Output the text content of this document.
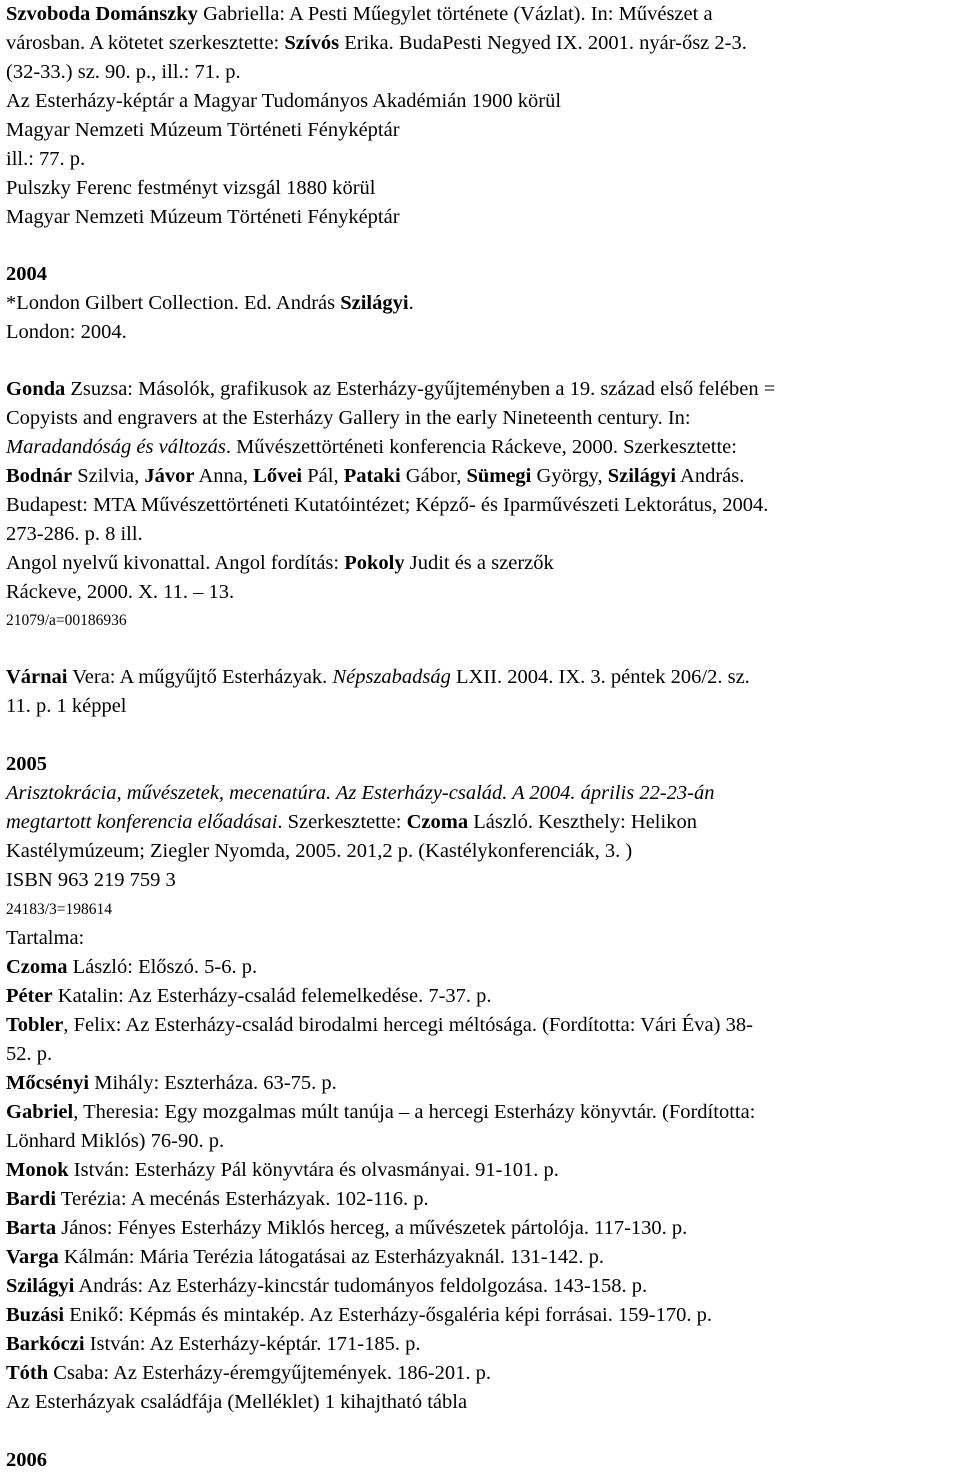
Szvoboda Dománszky Gabriella: A Pesti Műegylet története (Vázlat). In: Művészet a

városban. A kötetet szerkesztette: Szívós Erika. BudaPesti Negyed IX. 2001. nyár-ősz 2-3.

(32-33.) sz. 90. p., ill.: 71. p.

Az Esterházy-képtár a Magyar Tudományos Akadémián 1900 körül

Magyar Nemzeti Múzeum Történeti Fényképtár

ill.: 77. p.

Pulszky Ferenc festményt vizsgál 1880 körül

Magyar Nemzeti Múzeum Történeti Fényképtár

2004

*London Gilbert Collection. Ed. András Szilágyi.

London: 2004.

Gonda Zsuzsa: Másolók, grafikusok az Esterházy-gyűjteményben a 19. század első felében =

Copyists and engravers at the Esterházy Gallery in the early Nineteenth century. In:

Maradandóság és változás. Művészettörténeti konferencia Ráckeve, 2000. Szerkesztette:

Bodnár Szilvia, Jávor Anna, Lővei Pál, Pataki Gábor, Sümegi György, Szilágyi András.

Budapest: MTA Művészettörténeti Kutatóintézet; Képző- és Iparművészeti Lektorátus, 2004.

273-286. p. 8 ill.

Angol nyelvű kivonattal. Angol fordítás: Pokoly Judit és a szerzők

Ráckeve, 2000. X. 11. – 13.

21079/a=00186936

Várnai Vera: A műgyűjtő Esterházyak. Népszabadság LXII. 2004. IX. 3. péntek 206/2. sz.

11. p. 1 képpel

2005

Arisztokrácia, művészetek, mecenatúra. Az Esterházy-család. A 2004. április 22-23-án

megtartott konferencia előadásai. Szerkesztette: Czoma László. Keszthely: Helikon

Kastélymúzeum; Ziegler Nyomda, 2005. 201,2 p. (Kastélykonferenciák, 3. )

ISBN 963 219 759 3

24183/3=198614

Tartalma:

Czoma László: Előszó. 5-6. p.

Péter Katalin: Az Esterházy-család felemelkedése. 7-37. p.

Tobler, Felix: Az Esterházy-család birodalmi hercegi méltósága. (Fordította: Vári Éva) 38-

52. p.

Mőcsényi Mihály: Eszterháza. 63-75. p.

Gabriel, Theresia: Egy mozgalmas múlt tanúja – a hercegi Esterházy könyvtár. (Fordította:

Lönhard Miklós) 76-90. p.

Monok István: Esterházy Pál könyvtára és olvasmányai. 91-101. p.

Bardi Terézia: A mecénás Esterházyak. 102-116. p.

Barta János: Fényes Esterházy Miklós herceg, a művészetek pártolója. 117-130. p.

Varga Kálmán: Mária Terézia látogatásai az Esterházyaknál. 131-142. p.

Szilágyi András: Az Esterházy-kincstár tudományos feldolgozása. 143-158. p.

Buzási Enikő: Képmás és mintakép. Az Esterházy-ősgaléria képi forrásai. 159-170. p.

Barkóczi István: Az Esterházy-képtár. 171-185. p.

Tóth Csaba: Az Esterházy-éremgyűjtemények. 186-201. p.

Az Esterházyak családfája (Melléklet) 1 kihajtható tábla

2006
